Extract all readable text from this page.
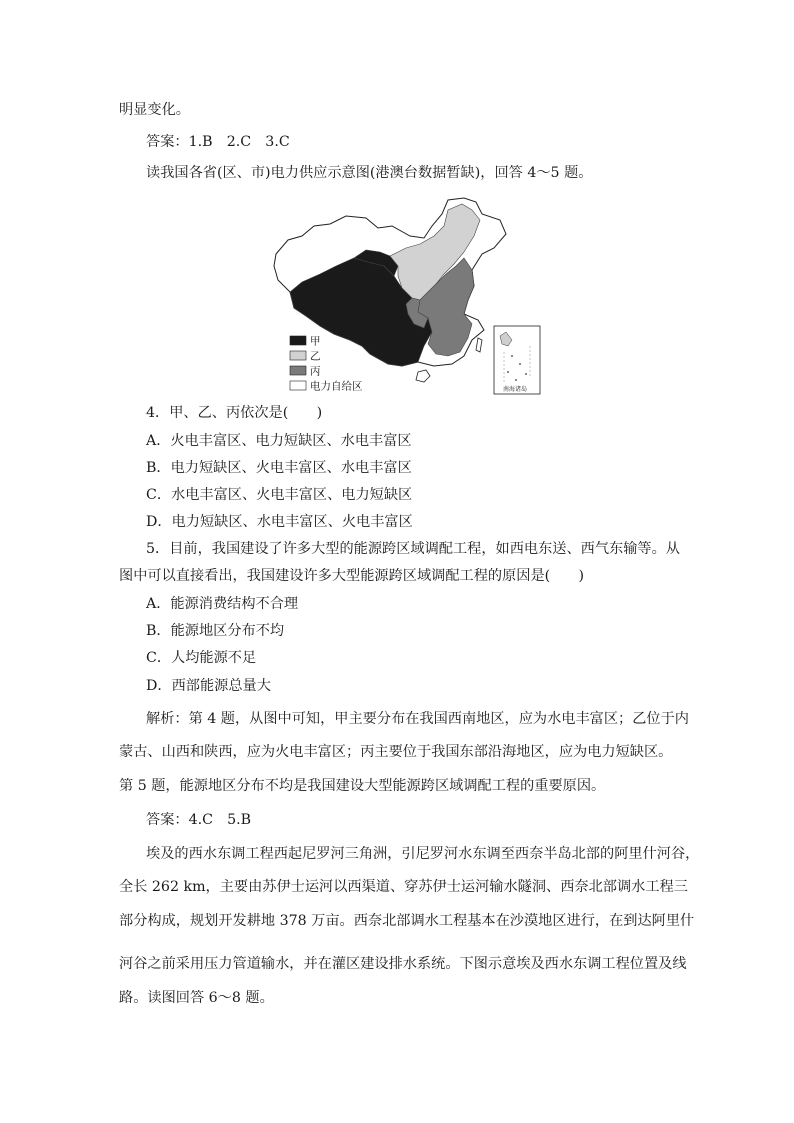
明显变化。
答案：1.B　2.C　3.C
读我国各省(区、市)电力供应示意图(港澳台数据暂缺)，回答 4～5 题。
南海诸岛
甲
乙
丙
电力自给区
4．甲、乙、丙依次是(　　)
A．火电丰富区、电力短缺区、水电丰富区
B．电力短缺区、火电丰富区、水电丰富区
C．水电丰富区、火电丰富区、电力短缺区
D．电力短缺区、水电丰富区、火电丰富区
5．目前，我国建设了许多大型的能源跨区域调配工程，如西电东送、西气东输等。从
图中可以直接看出，我国建设许多大型能源跨区域调配工程的原因是(　　)
A．能源消费结构不合理
B．能源地区分布不均
C．人均能源不足
D．西部能源总量大
解析：第 4 题，从图中可知，甲主要分布在我国西南地区，应为水电丰富区；乙位于内
蒙古、山西和陕西，应为火电丰富区；丙主要位于我国东部沿海地区，应为电力短缺区。
第 5 题，能源地区分布不均是我国建设大型能源跨区域调配工程的重要原因。
答案：4.C　5.B
埃及的西水东调工程西起尼罗河三角洲，引尼罗河水东调至西奈半岛北部的阿里什河谷，
全长 262 km，主要由苏伊士运河以西渠道、穿苏伊士运河输水隧洞、西奈北部调水工程三
部分构成，规划开发耕地 378 万亩。西奈北部调水工程基本在沙漠地区进行，在到达阿里什
河谷之前采用压力管道输水，并在灌区建设排水系统。下图示意埃及西水东调工程位置及线
路。读图回答 6～8 题。
